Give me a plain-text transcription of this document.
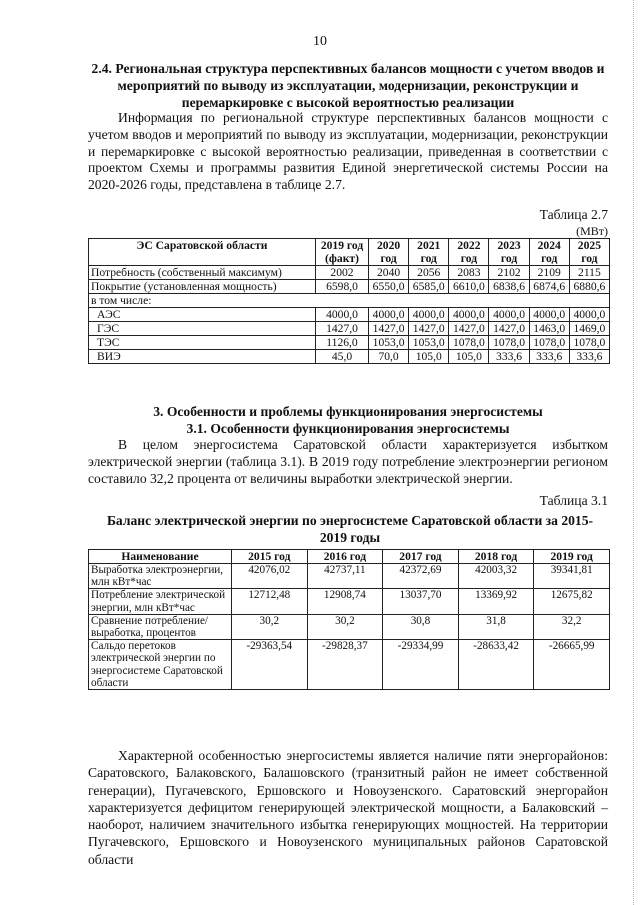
10

2.4. Региональная структура перспективных балансов мощности с учетом вводов и мероприятий по выводу из эксплуатации, модернизации, реконструкции и перемаркировке с высокой вероятностью реализации

Информация по региональной структуре перспективных балансов мощности с учетом вводов и мероприятий по выводу из эксплуатации, модернизации, реконструкции и перемаркировке с высокой вероятностью реализации, приведенная в соответствии с проектом Схемы и программы развития Единой энергетической системы России на 2020-2026 годы, представлена в таблице 2.7.

Таблица 2.7
(МВт)
ЭС Саратовской области	2019 год (факт)	2020 год	2021 год	2022 год	2023 год	2024 год	2025 год
Потребность (собственный максимум)	2002	2040	2056	2083	2102	2109	2115
Покрытие (установленная мощность)	6598,0	6550,0	6585,0	6610,0	6838,6	6874,6	6880,6
в том числе:							
АЭС	4000,0	4000,0	4000,0	4000,0	4000,0	4000,0	4000,0
ГЭС	1427,0	1427,0	1427,0	1427,0	1427,0	1463,0	1469,0
ТЭС	1126,0	1053,0	1053,0	1078,0	1078,0	1078,0	1078,0
ВИЭ	45,0	70,0	105,0	105,0	333,6	333,6	333,6

3. Особенности и проблемы функционирования энергосистемы

3.1. Особенности функционирования энергосистемы

В целом энергосистема Саратовской области характеризуется избытком электрической энергии (таблица 3.1). В 2019 году потребление электроэнергии регионом составило 32,2 процента от величины выработки электрической энергии.

Таблица 3.1

Баланс электрической энергии по энергосистеме Саратовской области за 2015-2019 годы

Наименование	2015 год	2016 год	2017 год	2018 год	2019 год
Выработка электроэнергии, млн кВт*час	42076,02	42737,11	42372,69	42003,32	39341,81
Потребление электрической энергии, млн кВт*час	12712,48	12908,74	13037,70	13369,92	12675,82
Сравнение потребление/ выработка, процентов	30,2	30,2	30,8	31,8	32,2
Сальдо перетоков электрической энергии по энергосистеме Саратовской области	-29363,54	-29828,37	-29334,99	-28633,42	-26665,99

Характерной особенностью энергосистемы является наличие пяти энергорайонов: Саратовского, Балаковского, Балашовского (транзитный район не имеет собственной генерации), Пугачевского, Ершовского и Новоузенского. Саратовский энергорайон характеризуется дефицитом генерирующей электрической мощности, а Балаковский – наоборот, наличием значительного избытка генерирующих мощностей. На территории Пугачевского, Ершовского и Новоузенского муниципальных районов Саратовской области
